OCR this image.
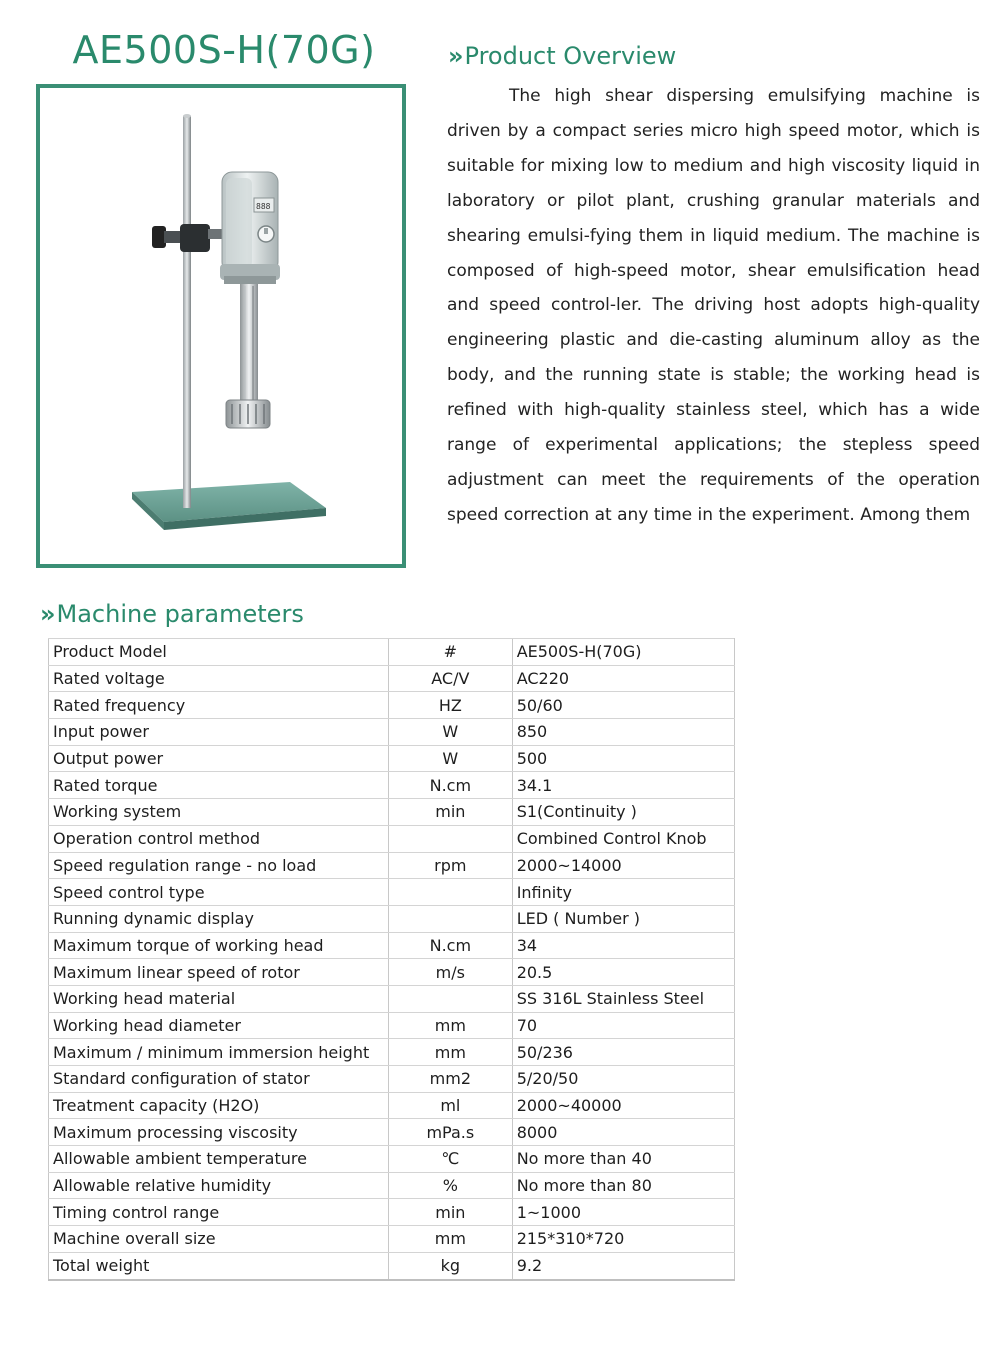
AE500S-H(70G)
888
» Product Overview

The high shear dispersing emulsifying machine is driven by a compact series micro high speed motor, which is suitable for mixing low to medium and high viscosity liquid in laboratory or pilot plant, crushing granular materials and shearing emulsi-fying them in liquid medium. The machine is composed of high-speed motor, shear emulsification head and speed control-ler. The driving host adopts high-quality engineering plastic and die-casting aluminum alloy as the body, and the running state is stable; the working head is refined with high-quality stainless steel, which has a wide range of experimental applications; the stepless speed adjustment can meet the requirements of the operation speed correction at any time in the experiment. Among them

» Machine parameters
Product Model	#	AE500S-H(70G)
Rated voltage	AC/V	AC220
Rated frequency	HZ	50/60
Input power	W	850
Output power	W	500
Rated torque	N.cm	34.1
Working system	min	S1(Continuity )
Operation control method		Combined Control Knob
Speed regulation range - no load	rpm	2000~14000
Speed control type		Infinity
Running dynamic display		LED ( Number )
Maximum torque of working head	N.cm	34
Maximum linear speed of rotor	m/s	20.5
Working head material		SS 316L Stainless Steel
Working head diameter	mm	70
Maximum / minimum immersion height	mm	50/236
Standard configuration of stator	mm2	5/20/50
Treatment capacity (H2O)	ml	2000~40000
Maximum processing viscosity	mPa.s	8000
Allowable ambient temperature	℃	No more than 40
Allowable relative humidity	%	No more than 80
Timing control range	min	1~1000
Machine overall size	mm	215*310*720
Total weight	kg	9.2
